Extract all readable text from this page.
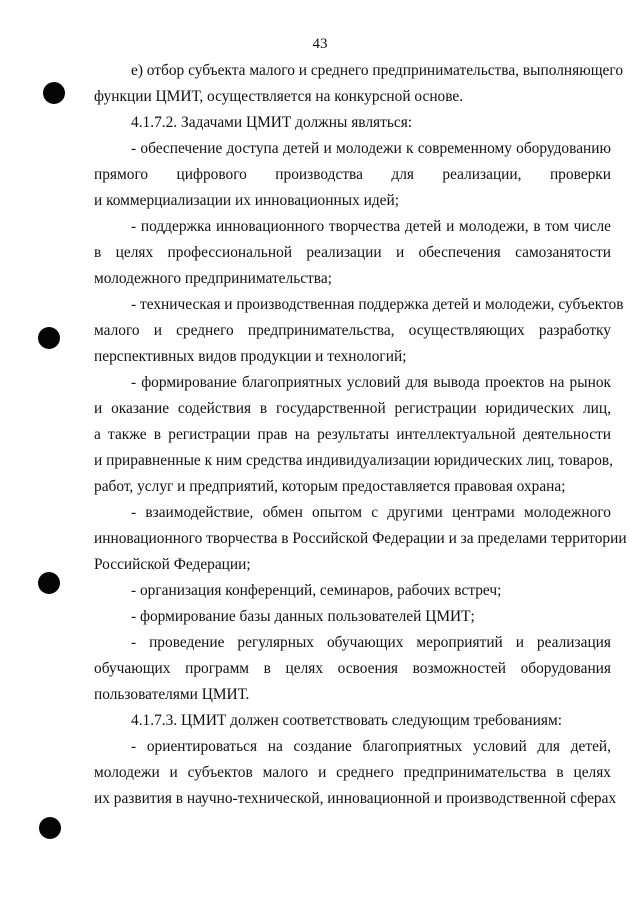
43
е) отбор субъекта малого и среднего предпринимательства, выполняющего
функции ЦМИТ, осуществляется на конкурсной основе.
4.1.7.2. Задачами ЦМИТ должны являться:
- обеспечение доступа детей и молодежи к современному оборудованию
прямого цифрового производства для реализации, проверки
и коммерциализации их инновационных идей;
- поддержка инновационного творчества детей и молодежи, в том числе
в целях профессиональной реализации и обеспечения самозанятости
молодежного предпринимательства;
- техническая и производственная поддержка детей и молодежи, субъектов
малого и среднего предпринимательства, осуществляющих разработку
перспективных видов продукции и технологий;
- формирование благоприятных условий для вывода проектов на рынок
и оказание содействия в государственной регистрации юридических лиц,
а также в регистрации прав на результаты интеллектуальной деятельности
и приравненные к ним средства индивидуализации юридических лиц, товаров,
работ, услуг и предприятий, которым предоставляется правовая охрана;
- взаимодействие, обмен опытом с другими центрами молодежного
инновационного творчества в Российской Федерации и за пределами территории
Российской Федерации;
- организация конференций, семинаров, рабочих встреч;
- формирование базы данных пользователей ЦМИТ;
- проведение регулярных обучающих мероприятий и реализация
обучающих программ в целях освоения возможностей оборудования
пользователями ЦМИТ.
4.1.7.3. ЦМИТ должен соответствовать следующим требованиям:
- ориентироваться на создание благоприятных условий для детей,
молодежи и субъектов малого и среднего предпринимательства в целях
их развития в научно-технической, инновационной и производственной сферах
